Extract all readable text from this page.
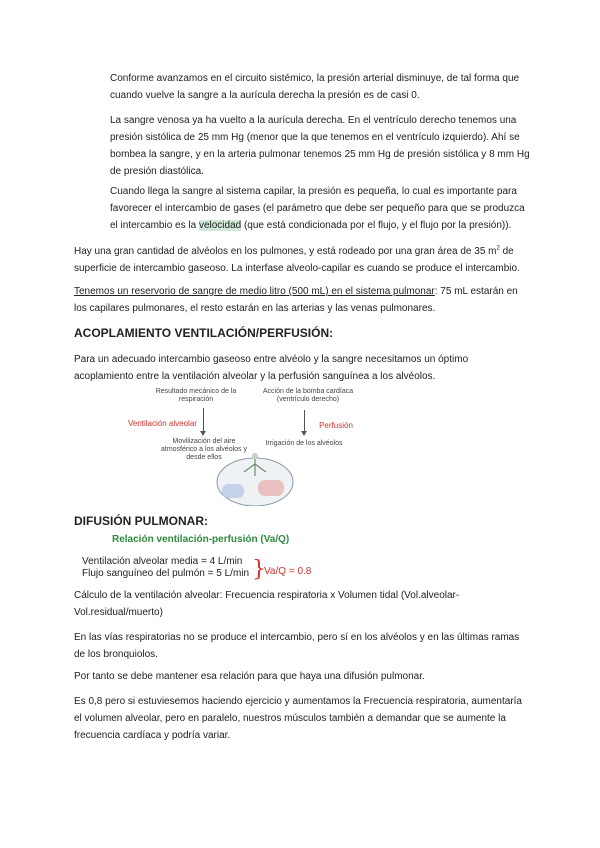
Conforme avanzamos en el circuito sistémico, la presión arterial disminuye, de tal forma que cuando vuelve la sangre a la aurícula derecha la presión es de casi 0.
La sangre venosa ya ha vuelto a la aurícula derecha. En el ventrículo derecho tenemos una presión sistólica de 25 mm Hg (menor que la que tenemos en el ventrículo izquierdo). Ahí se bombea la sangre, y en la arteria pulmonar tenemos 25 mm Hg de presión sistólica y 8 mm Hg de presión diastólica.
Cuando llega la sangre al sistema capilar, la presión es pequeña, lo cual es importante para favorecer el intercambio de gases (el parámetro que debe ser pequeño para que se produzca el intercambio es la velocidad (que está condicionada por el flujo, y el flujo por la presión)).
Hay una gran cantidad de alvéolos en los pulmones, y está rodeado por una gran área de 35 $m^2$ de superficie de intercambio gaseoso. La interfase alveolo-capilar es cuando se produce el intercambio.
Tenemos un reservorio de sangre de medio litro (500 mL) en el sistema pulmonar: 75 mL estarán en los capilares pulmonares, el resto estarán en las arterias y las venas pulmonares.
ACOPLAMIENTO VENTILACIÓN/PERFUSIÓN:
Para un adecuado intercambio gaseoso entre alvéolo y la sangre necesitamos un óptimo acoplamiento entre la ventilación alveolar y la perfusión sanguínea a los alvéolos.
Resultado mecánico de la respiración
Acción de la bomba cardíaca (ventrículo derecho)
Ventilación alveolar	Perfusión
Movilización del aire atmosférico a los alvéolos y desde ellos
Irrigación de los alvéolos
DIFUSIÓN PULMONAR:
Relación ventilación-perfusión (Va/Q)
Ventilación alveolar media = 4 L/min
Flujo sanguíneo del pulmón = 5 L/min }
Va/Q = 0.8
Cálculo de la ventilación alveolar: Frecuencia respiratoria x Volumen tidal (Vol.alveolar-Vol.residual/muerto)
En las vías respiratorias no se produce el intercambio, pero sí en los alvéolos y en las últimas ramas de los bronquiolos.
Por tanto se debe mantener esa relación para que haya una difusión pulmonar.
Es 0,8 pero si estuviesemos haciendo ejercicio y aumentamos la Frecuencia respiratoria, aumentaría el volumen alveolar, pero en paralelo, nuestros músculos también a demandar que se aumente la frecuencia cardíaca y podría variar.
